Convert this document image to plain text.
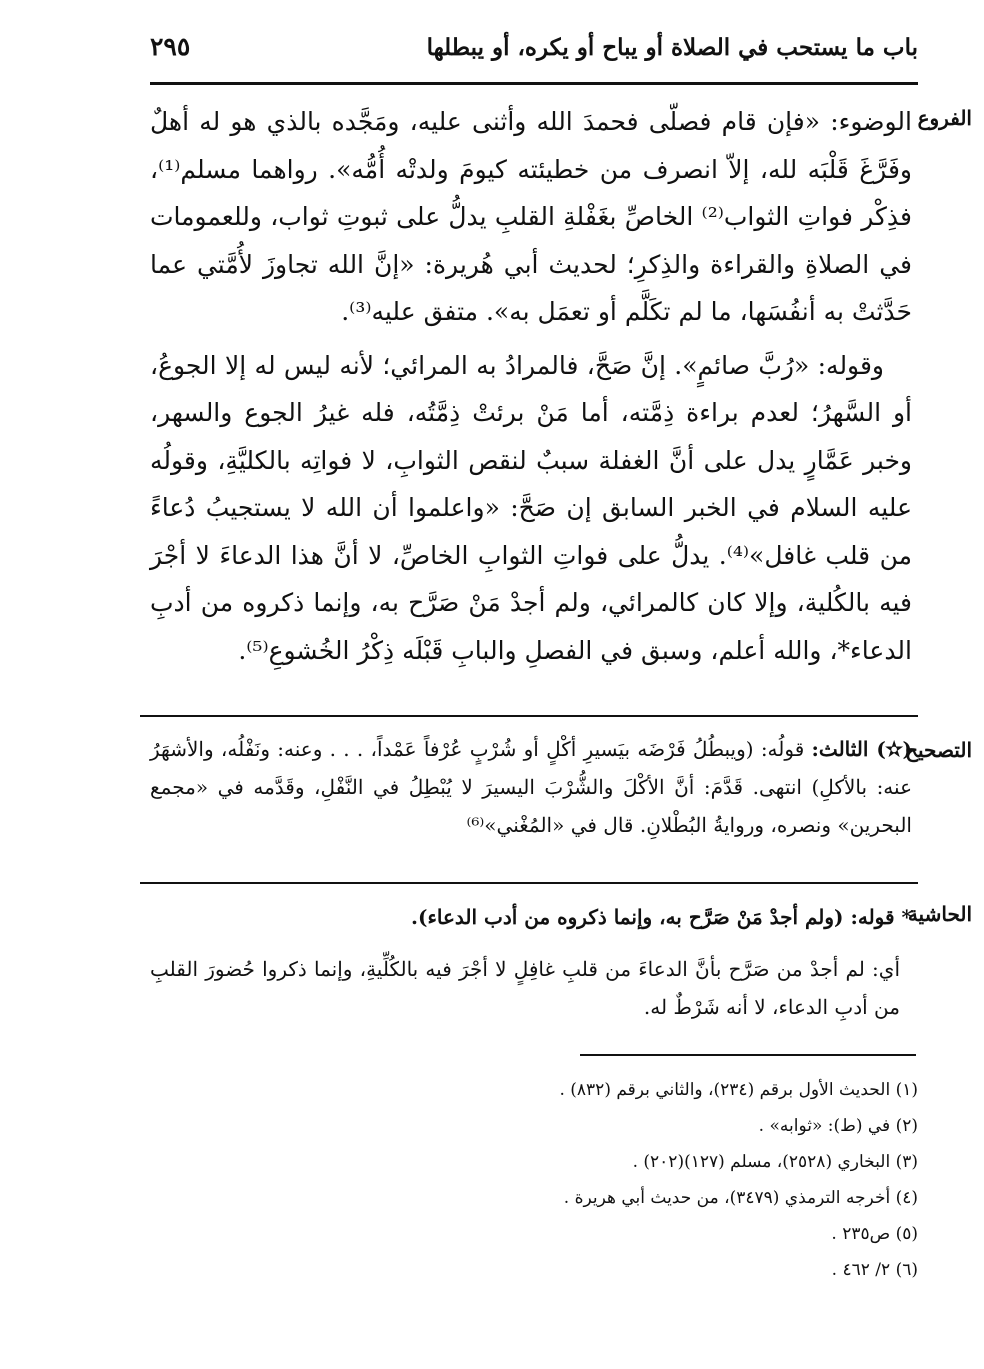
باب ما يستحب في الصلاة أو يباح أو يكره، أو يبطلها
٢٩٥
الفروع

الوضوء: «فإن قام فصلّى فحمدَ الله وأثنى عليه، ومَجَّده بالذي هو له أهلٌ وفَرَّغَ قَلْبَه لله، إلاّ انصرف من خطيئته كيومَ ولدتْه أُمُّه». رواهما مسلم⁽¹⁾، فذِكْر فواتِ الثواب⁽²⁾ الخاصِّ بغَفْلةِ القلبِ يدلُّ على ثبوتِ ثواب، وللعمومات في الصلاةِ والقراءة والذِكرِ؛ لحديث أبي هُريرة: «إنَّ الله تجاوزَ لأُمَّتي عما حَدَّثتْ به أنفُسَها، ما لم تكَلَّم أو تعمَل به». متفق عليه⁽³⁾.

وقوله: «رُبَّ صائمٍ». إنَّ صَحَّ، فالمرادُ به المرائي؛ لأنه ليس له إلا الجوعُ، أو السَّهرُ؛ لعدم براءة ذِمَّته، أما مَنْ برئتْ ذِمَّتُه، فله غيرُ الجوع والسهر، وخبر عَمَّارٍ يدل على أنَّ الغفلة سببٌ لنقص الثوابِ، لا فواتِه بالكليَّةِ، وقولُه عليه السلام في الخبر السابق إن صَحَّ: «واعلموا أن الله لا يستجيبُ دُعاءً من قلب غافل»⁽⁴⁾. يدلُّ على فواتِ الثوابِ الخاصِّ، لا أنَّ هذا الدعاءَ لا أجْرَ فيه بالكُلية، وإلا كان كالمرائي، ولم أجدْ مَنْ صَرَّح به، وإنما ذكروه من أدبِ الدعاء*، والله أعلم، وسبق في الفصلِ والبابِ قَبْلَه ذِكْرُ الخُشوعِ⁽⁵⁾.

التصحيح

(✫) الثالث: قولُه: (ويبطُلُ فَرْضَه بيَسيرِ أكْلٍ أو شُرْبٍ عُرْفاً عَمْداً، . . . وعنه: ونَفْلُه، والأشهَرُ عنه: بالأكلِ) انتهى. قَدَّمَ: أنَّ الأكْلَ والشُّرْبَ اليسيرَ لا يُبْطِلُ في النَّفْلِ، وقَدَّمه في «مجمع البحرين» ونصره، وروايةُ البُطْلانِ. قال في «المُغْني»⁽⁶⁾

الحاشية

* قوله: (ولم أجدْ مَنْ صَرَّح به، وإنما ذكروه من أدب الدعاء).

أي: لم أجدْ من صَرَّح بأنَّ الدعاءَ من قلبِ غافِلٍ لا أجْرَ فيه بالكُلِّيةِ، وإنما ذكروا حُضورَ القلبِ من أدبِ الدعاء، لا أنه شَرْطٌ له.

(١) الحديث الأول برقم (٢٣٤)، والثاني برقم (٨٣٢) .
(٢) في (ط): «ثوابه» .
(٣) البخاري (٢٥٢٨)، مسلم (١٢٧)(٢٠٢) .
(٤) أخرجه الترمذي (٣٤٧٩)، من حديث أبي هريرة .
(٥) ص٢٣٥ .
(٦) ٢/ ٤٦٢ .
